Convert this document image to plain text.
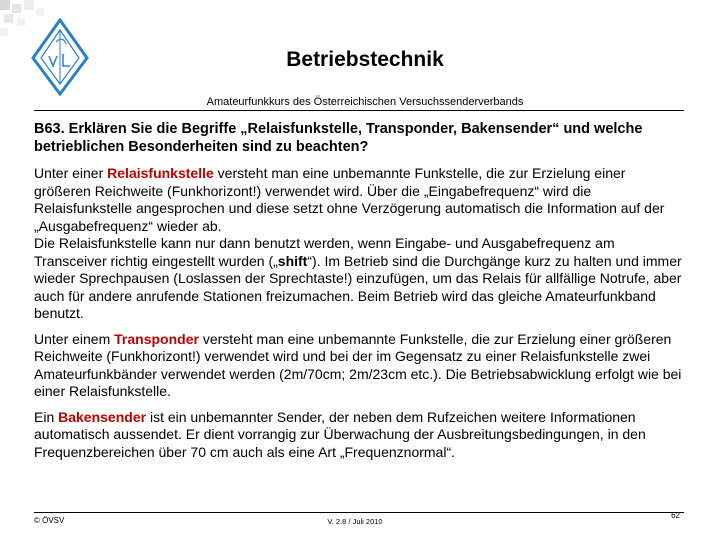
Betriebstechnik
Amateurfunkkurs des Österreichischen Versuchssenderverbands

B63. Erklären Sie die Begriffe „Relaisfunkstelle, Transponder, Bakensender“ und welche betrieblichen Besonderheiten sind zu beachten?

Unter einer Relaisfunkstelle versteht man eine unbemannte Funkstelle, die zur Erzielung einer größeren Reichweite (Funkhorizont!) verwendet wird. Über die „Eingabefrequenz“ wird die Relaisfunkstelle angesprochen und diese setzt ohne Verzögerung automatisch die Information auf der „Ausgabefrequenz“ wieder ab.
Die Relaisfunkstelle kann nur dann benutzt werden, wenn Eingabe- und Ausgabefrequenz am Transceiver richtig eingestellt wurden („shift“). Im Betrieb sind die Durchgänge kurz zu halten und immer wieder Sprechpausen (Loslassen der Sprechtaste!) einzufügen, um das Relais für allfällige Notrufe, aber auch für andere anrufende Stationen freizumachen. Beim Betrieb wird das gleiche Amateurfunkband benutzt.

Unter einem Transponder versteht man eine unbemannte Funkstelle, die zur Erzielung einer größeren Reichweite (Funkhorizont!) verwendet wird und bei der im Gegensatz zu einer Relaisfunkstelle zwei Amateurfunkbänder verwendet werden (2m/70cm; 2m/23cm etc.). Die Betriebsabwicklung erfolgt wie bei einer Relaisfunkstelle.

Ein Bakensender ist ein unbemannter Sender, der neben dem Rufzeichen weitere Informationen automatisch aussendet. Er dient vorrangig zur Überwachung der Ausbreitungsbedingungen, in den Frequenzbereichen über 70 cm auch als eine Art „Frequenznormal“.

© ÖVSV	V. 2.8 / Juli 2010
62
